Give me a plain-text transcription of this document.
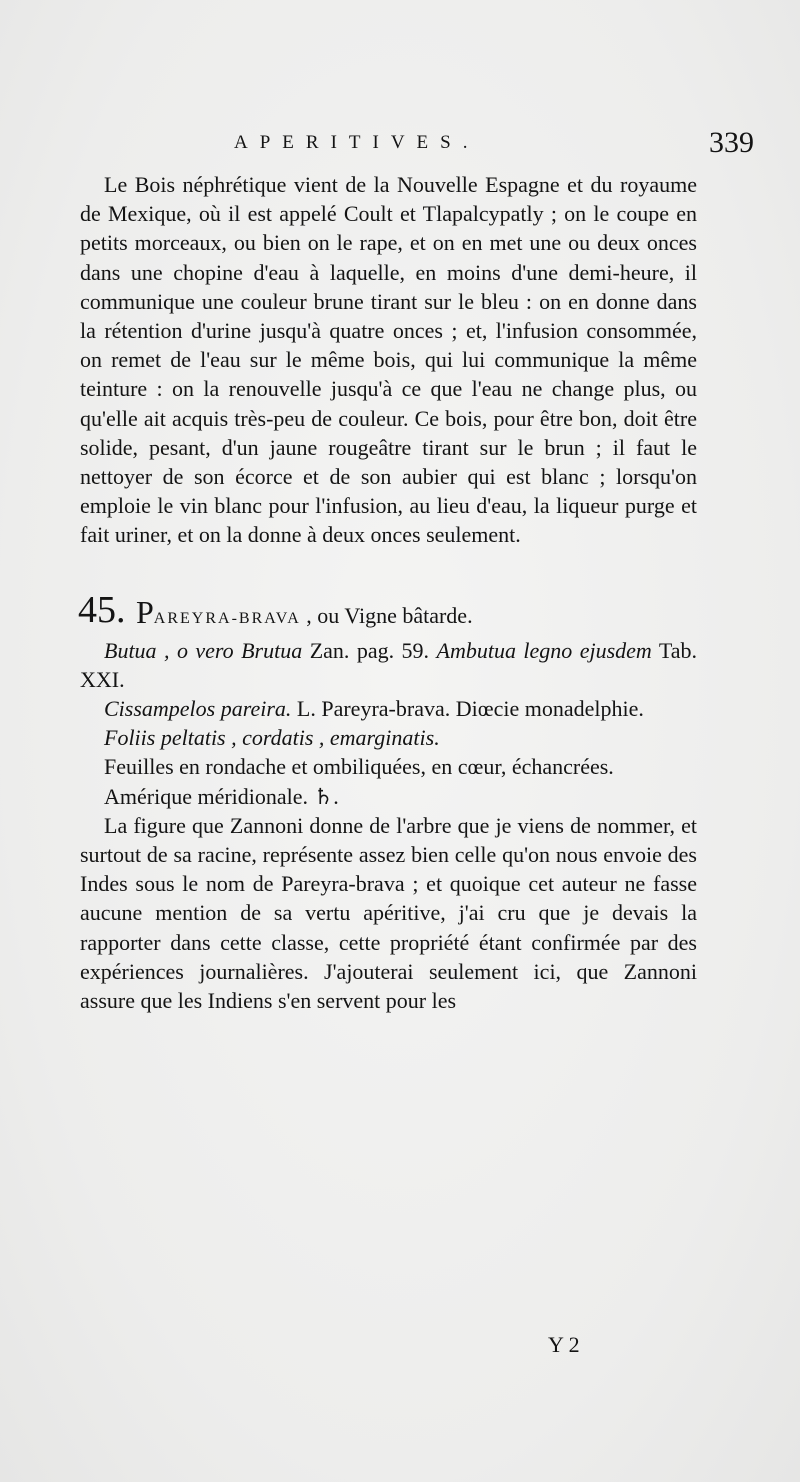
APERITIVES.	339

Le Bois néphrétique vient de la Nouvelle Espagne et du royaume de Mexique, où il est appelé Coult et Tlapalcypatly ; on le coupe en petits morceaux, ou bien on le rape, et on en met une ou deux onces dans une chopine d'eau à laquelle, en moins d'une demi-heure, il communique une couleur brune tirant sur le bleu : on en donne dans la rétention d'urine jusqu'à quatre onces ; et, l'infusion consommée, on remet de l'eau sur le même bois, qui lui communique la même teinture : on la renouvelle jusqu'à ce que l'eau ne change plus, ou qu'elle ait acquis très-peu de couleur. Ce bois, pour être bon, doit être solide, pesant, d'un jaune rougeâtre tirant sur le brun ; il faut le nettoyer de son écorce et de son aubier qui est blanc ; lorsqu'on emploie le vin blanc pour l'infusion, au lieu d'eau, la liqueur purge et fait uriner, et on la donne à deux onces seulement.

45. PAREYRA-BRAVA , ou Vigne bâtarde.

Butua , o vero Brutua Zan. pag. 59. Ambutua legno ejusdem Tab. XXI.

Cissampelos pareira. L. Pareyra-brava. Diœcie monadelphie.

Foliis peltatis , cordatis , emarginatis.

Feuilles en rondache et ombiliquées, en cœur, échancrées.

Amérique méridionale. ♄.

La figure que Zannoni donne de l'arbre que je viens de nommer, et surtout de sa racine, représente assez bien celle qu'on nous envoie des Indes sous le nom de Pareyra-brava ; et quoique cet auteur ne fasse aucune mention de sa vertu apéritive, j'ai cru que je devais la rapporter dans cette classe, cette propriété étant confirmée par des expériences journalières. J'ajouterai seulement ici, que Zannoni assure que les Indiens s'en servent pour les

Y 2
